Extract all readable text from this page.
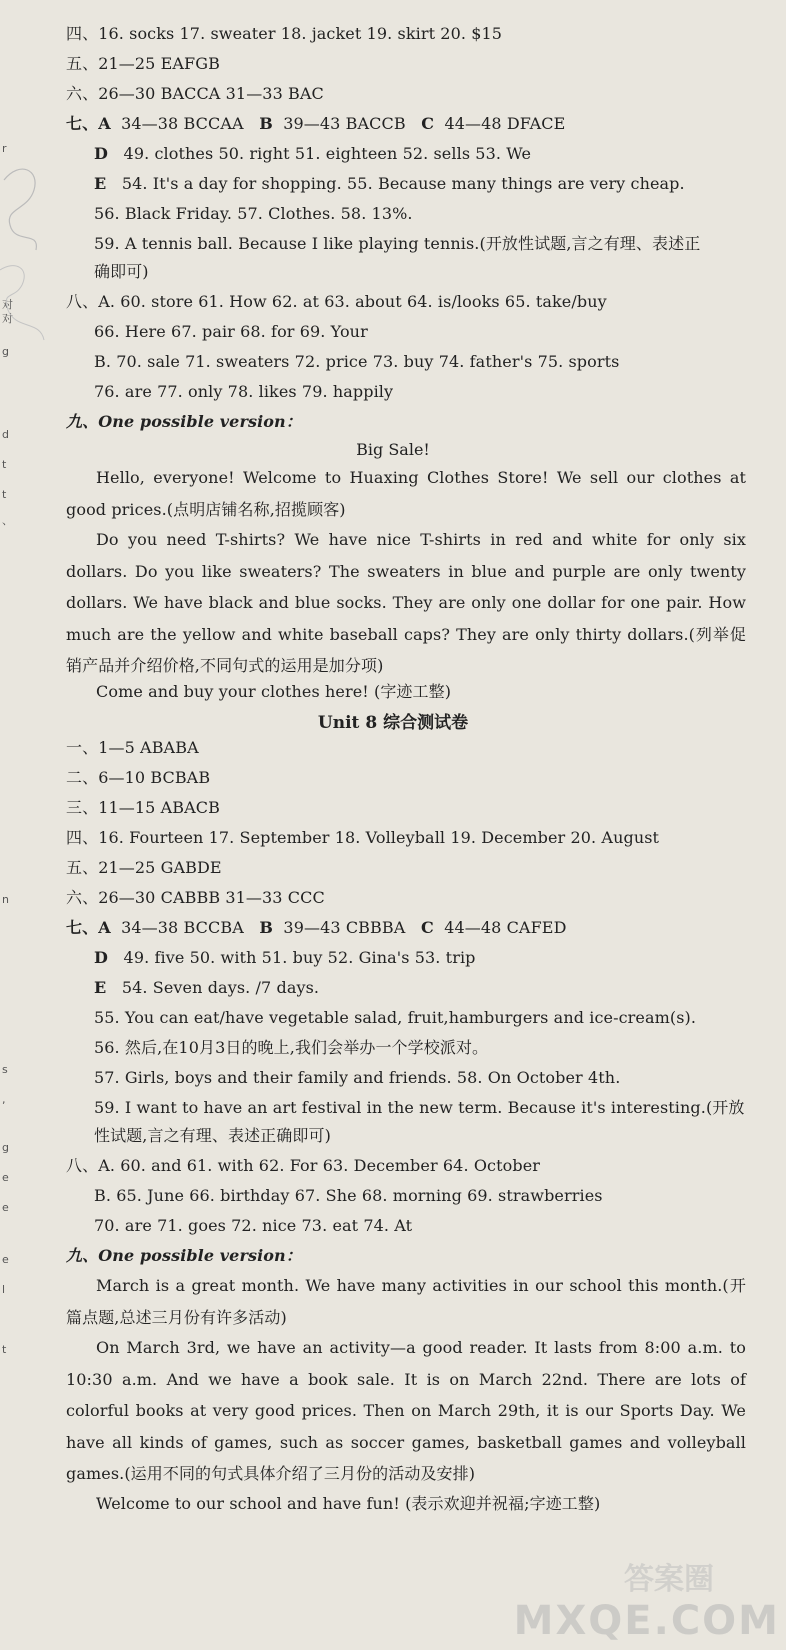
r
对
对
g
d
t
t
、
n
s
,
g
e
e
e
l
t
四、16. socks 17. sweater 18. jacket 19. skirt 20. $15
五、21—25 EAFGB
六、26—30 BACCA 31—33 BAC
七、A 34—38 BCCAA B 39—43 BACCB C 44—48 DFACE
D 49. clothes 50. right 51. eighteen 52. sells 53. We
E 54. It's a day for shopping. 55. Because many things are very cheap.
56. Black Friday. 57. Clothes. 58. 13%.
59. A tennis ball. Because I like playing tennis.(开放性试题,言之有理、表述正
确即可)
八、A. 60. store 61. How 62. at 63. about 64. is/looks 65. take/buy
66. Here 67. pair 68. for 69. Your
B. 70. sale 71. sweaters 72. price 73. buy 74. father's 75. sports
76. are 77. only 78. likes 79. happily
九、One possible version：
Big Sale!
Hello, everyone! Welcome to Huaxing Clothes Store! We sell our clothes at good prices.(点明店铺名称,招揽顾客)
Do you need T-shirts? We have nice T-shirts in red and white for only six dollars. Do you like sweaters? The sweaters in blue and purple are only twenty dollars. We have black and blue socks. They are only one dollar for one pair. How much are the yellow and white baseball caps? They are only thirty dollars.(列举促销产品并介绍价格,不同句式的运用是加分项)
Come and buy your clothes here! (字迹工整)
Unit 8 综合测试卷
一、1—5 ABABA
二、6—10 BCBAB
三、11—15 ABACB
四、16. Fourteen 17. September 18. Volleyball 19. December 20. August
五、21—25 GABDE
六、26—30 CABBB 31—33 CCC
七、A 34—38 BCCBA B 39—43 CBBBA C 44—48 CAFED
D 49. five 50. with 51. buy 52. Gina's 53. trip
E 54. Seven days. /7 days.
55. You can eat/have vegetable salad, fruit,hamburgers and ice-cream(s).
56. 然后,在10月3日的晚上,我们会举办一个学校派对。
57. Girls, boys and their family and friends. 58. On October 4th.
59. I want to have an art festival in the new term. Because it's interesting.(开放
性试题,言之有理、表述正确即可)
八、A. 60. and 61. with 62. For 63. December 64. October
B. 65. June 66. birthday 67. She 68. morning 69. strawberries
70. are 71. goes 72. nice 73. eat 74. At
九、One possible version：
March is a great month. We have many activities in our school this month.(开篇点题,总述三月份有许多活动)
On March 3rd, we have an activity—a good reader. It lasts from 8:00 a.m. to 10:30 a.m. And we have a book sale. It is on March 22nd. There are lots of colorful books at very good prices. Then on March 29th, it is our Sports Day. We have all kinds of games, such as soccer games, basketball games and volleyball games.(运用不同的句式具体介绍了三月份的活动及安排)
Welcome to our school and have fun! (表示欢迎并祝福;字迹工整)
答案圈
MXQE.COM
